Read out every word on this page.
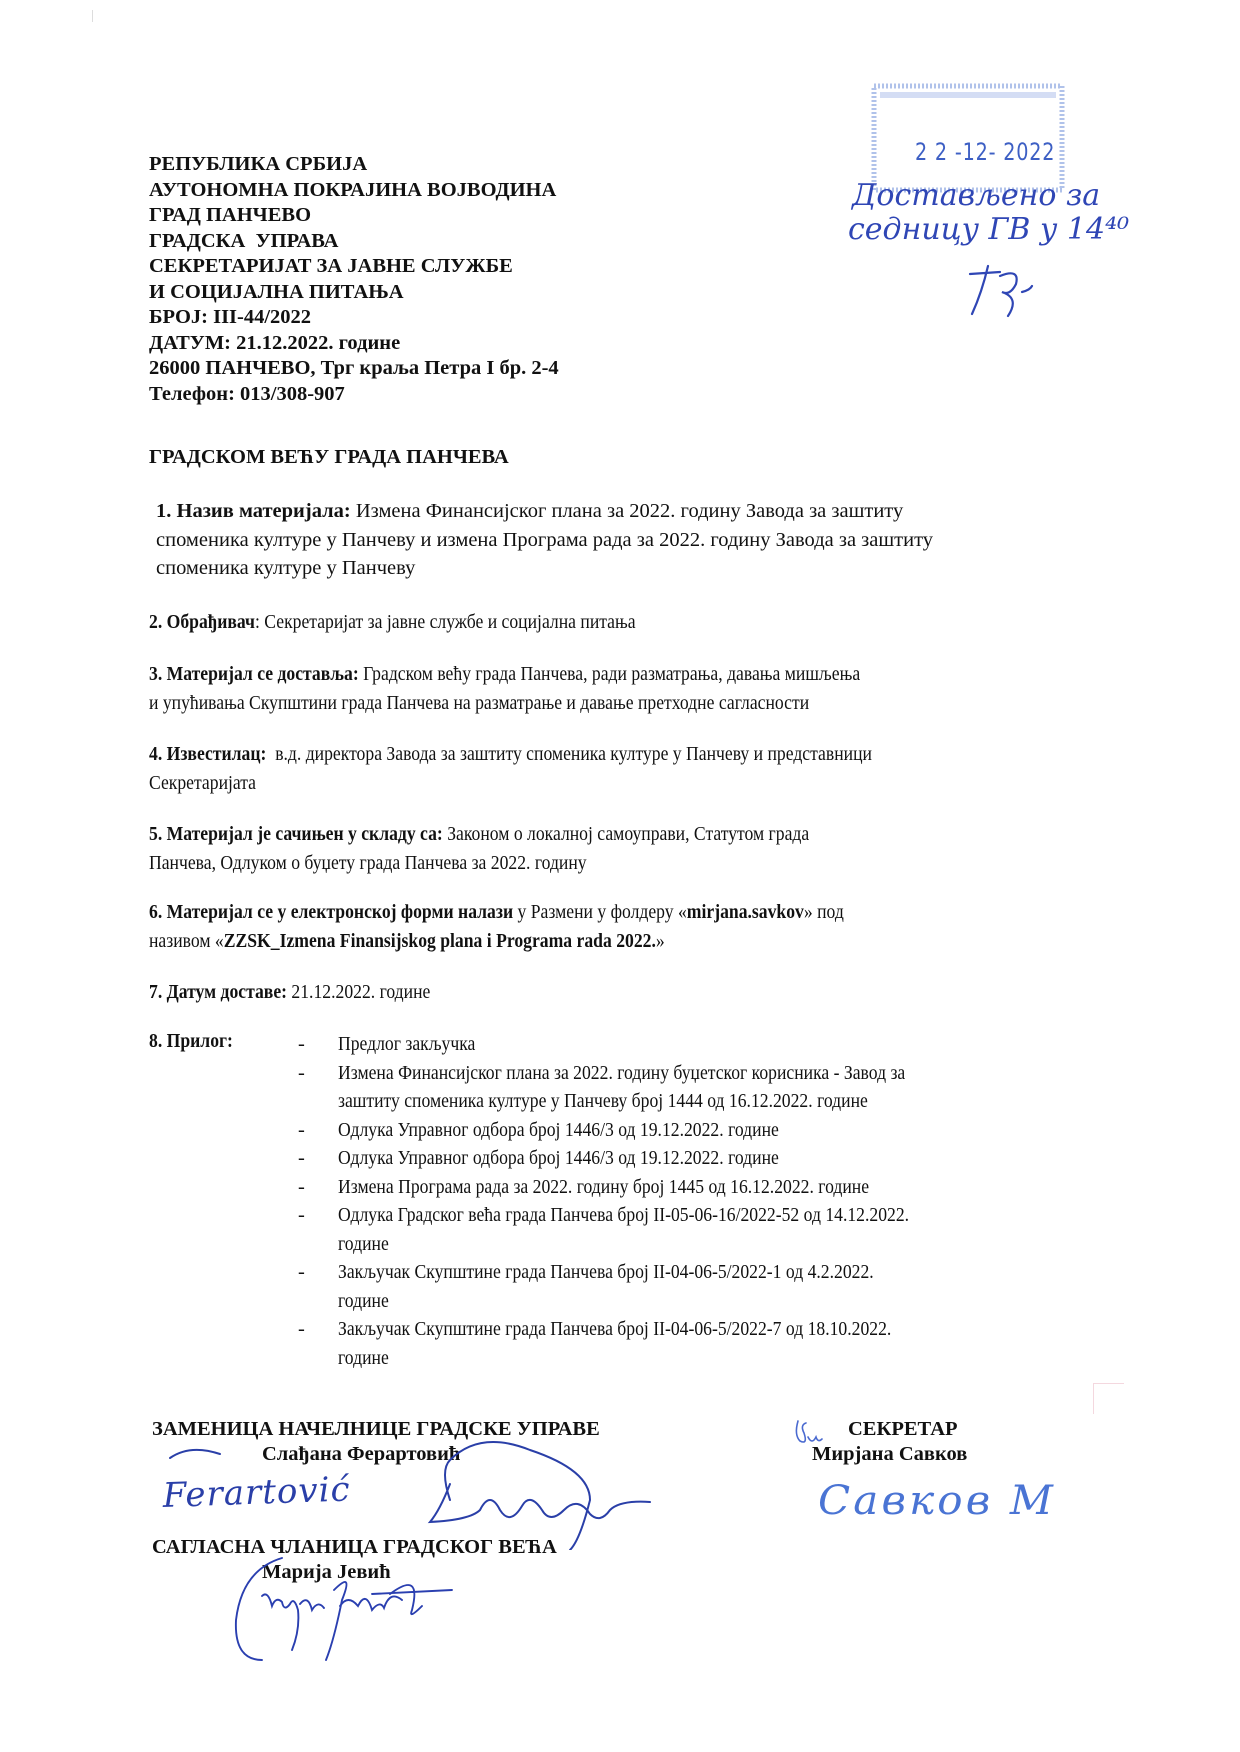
РЕПУБЛИКА СРБИЈА
АУТОНОМНА ПОКРАЈИНА ВОЈВОДИНА
ГРАД ПАНЧЕВО
ГРАДСКА  УПРАВА
СЕКРЕТАРИЈАТ ЗА ЈАВНЕ СЛУЖБЕ
И СОЦИЈАЛНА ПИТАЊА
БРОЈ: III-44/2022
ДАТУМ: 21.12.2022. године
26000 ПАНЧЕВО, Трг краља Петра I бр. 2-4
Телефон: 013/308-907
2 2 -12- 2022
Достављено за
седницу ГВ у 14⁴⁰
ГРАДСКОМ ВЕЋУ ГРАДА ПАНЧЕВА
1. Назив материјала: Измена Финансијског плана за 2022. годину Завода за заштиту
споменика културе у Панчеву и измена Програма рада за 2022. годину Завода за заштиту
споменика културе у Панчеву
2. Обрађивач: Секретаријат за јавне службе и социјална питања
3. Материјал се доставља: Градском већу града Панчева, ради разматрања, давања мишљења
и упућивања Скупштини града Панчева на разматрање и давање претходне сагласности
4. Известилац:  в.д. директора Завода за заштиту споменика културе у Панчеву и представници
Секретаријата
5. Материјал је сачињен у складу са: Законом о локалној самоуправи, Статутом града
Панчева, Одлуком о буџету града Панчева за 2022. годину
6. Материјал се у електронској форми налази у Размени у фолдеру «mirjana.savkov» под
називом «ZZSK_Izmena Finansijskog plana i Programa rada 2022.»
7. Датум доставе: 21.12.2022. године
8. Прилог:	- Предлог закључка
- Измена Финансијског плана за 2022. годину буџетског корисника - Завод за
заштиту споменика културе у Панчеву број 1444 од 16.12.2022. године
- Одлука Управног одбора број 1446/3 од 19.12.2022. године
- Одлука Управног одбора број 1446/3 од 19.12.2022. године
- Измена Програма рада за 2022. годину број 1445 од 16.12.2022. године
- Одлука Градског већа града Панчева број II-05-06-16/2022-52 од 14.12.2022.
године
- Закључак Скупштине града Панчева број II-04-06-5/2022-1 од 4.2.2022.
године
- Закључак Скупштине града Панчева број II-04-06-5/2022-7 од 18.10.2022.
године
ЗАМЕНИЦА НАЧЕЛНИЦЕ ГРАДСКЕ УПРАВЕ
Слађана Ферартовић
Ferartović
СЕКРЕТАР
Мирјана Савков
Савков М
САГЛАСНА ЧЛАНИЦА ГРАДСКОГ ВЕЋА
Марија Јевић
